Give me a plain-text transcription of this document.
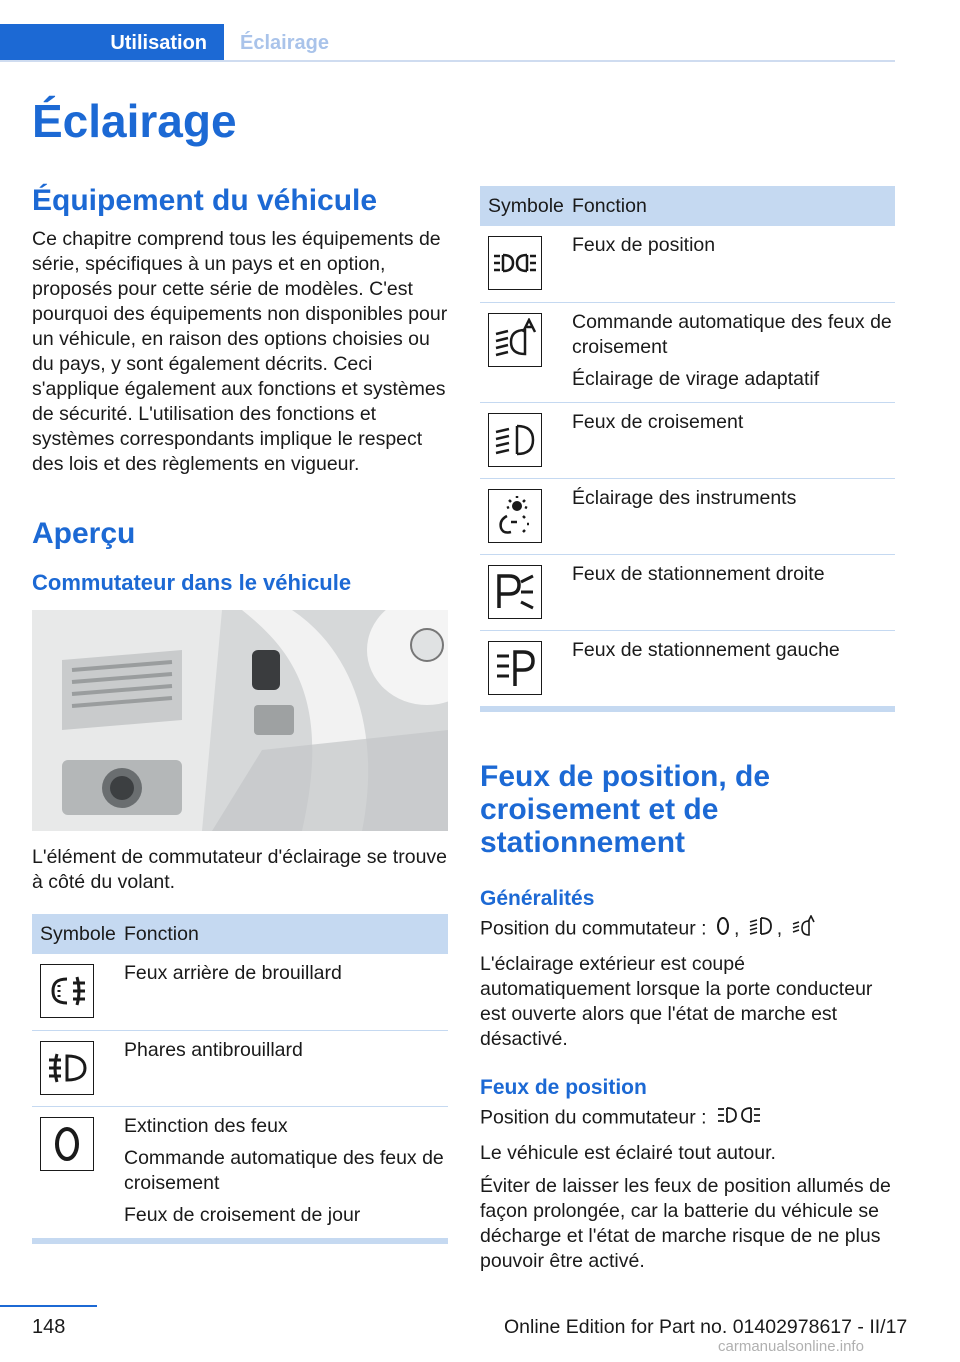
Utilisation	Éclairage
Éclairage
Équipement du véhicule

Ce chapitre comprend tous les équipements de série, spécifiques à un pays et en option, proposés pour cette série de modèles. C'est pourquoi des équipements non disponibles pour un véhicule, en raison des options choisies ou du pays, y sont également décrits. Ceci s'applique également aux fonctions et systèmes de sécurité. L'utilisation des fonctions et systèmes correspondants implique le respect des lois et des règlements en vigueur.

Aperçu
Commutateur dans le véhicule

L'élément de commutateur d'éclairage se trouve à côté du volant.

Symbole	Fonction

Feux arrière de brouillard

Phares antibrouillard

Extinction des feux
Commande automatique des feux de croisement
Feux de croisement de jour
Symbole	Fonction

Feux de position

Commande automatique des feux de croisement
Éclairage de virage adaptatif

Feux de croisement

Éclairage des instruments

Feux de stationnement droite

Feux de stationnement gauche
Feux de position, de croisement et de stationnement
Généralités

Position du commutateur : , ,

L'éclairage extérieur est coupé automatiquement lorsque la porte conducteur est ouverte alors que l'état de marche est désactivé.

Feux de position

Position du commutateur :

Le véhicule est éclairé tout autour.

Éviter de laisser les feux de position allumés de façon prolongée, car la batterie du véhicule se décharge et l'état de marche risque de ne plus pouvoir être activé.

148	Online Edition for Part no. 01402978617 - II/17
carmanualsonline.info
